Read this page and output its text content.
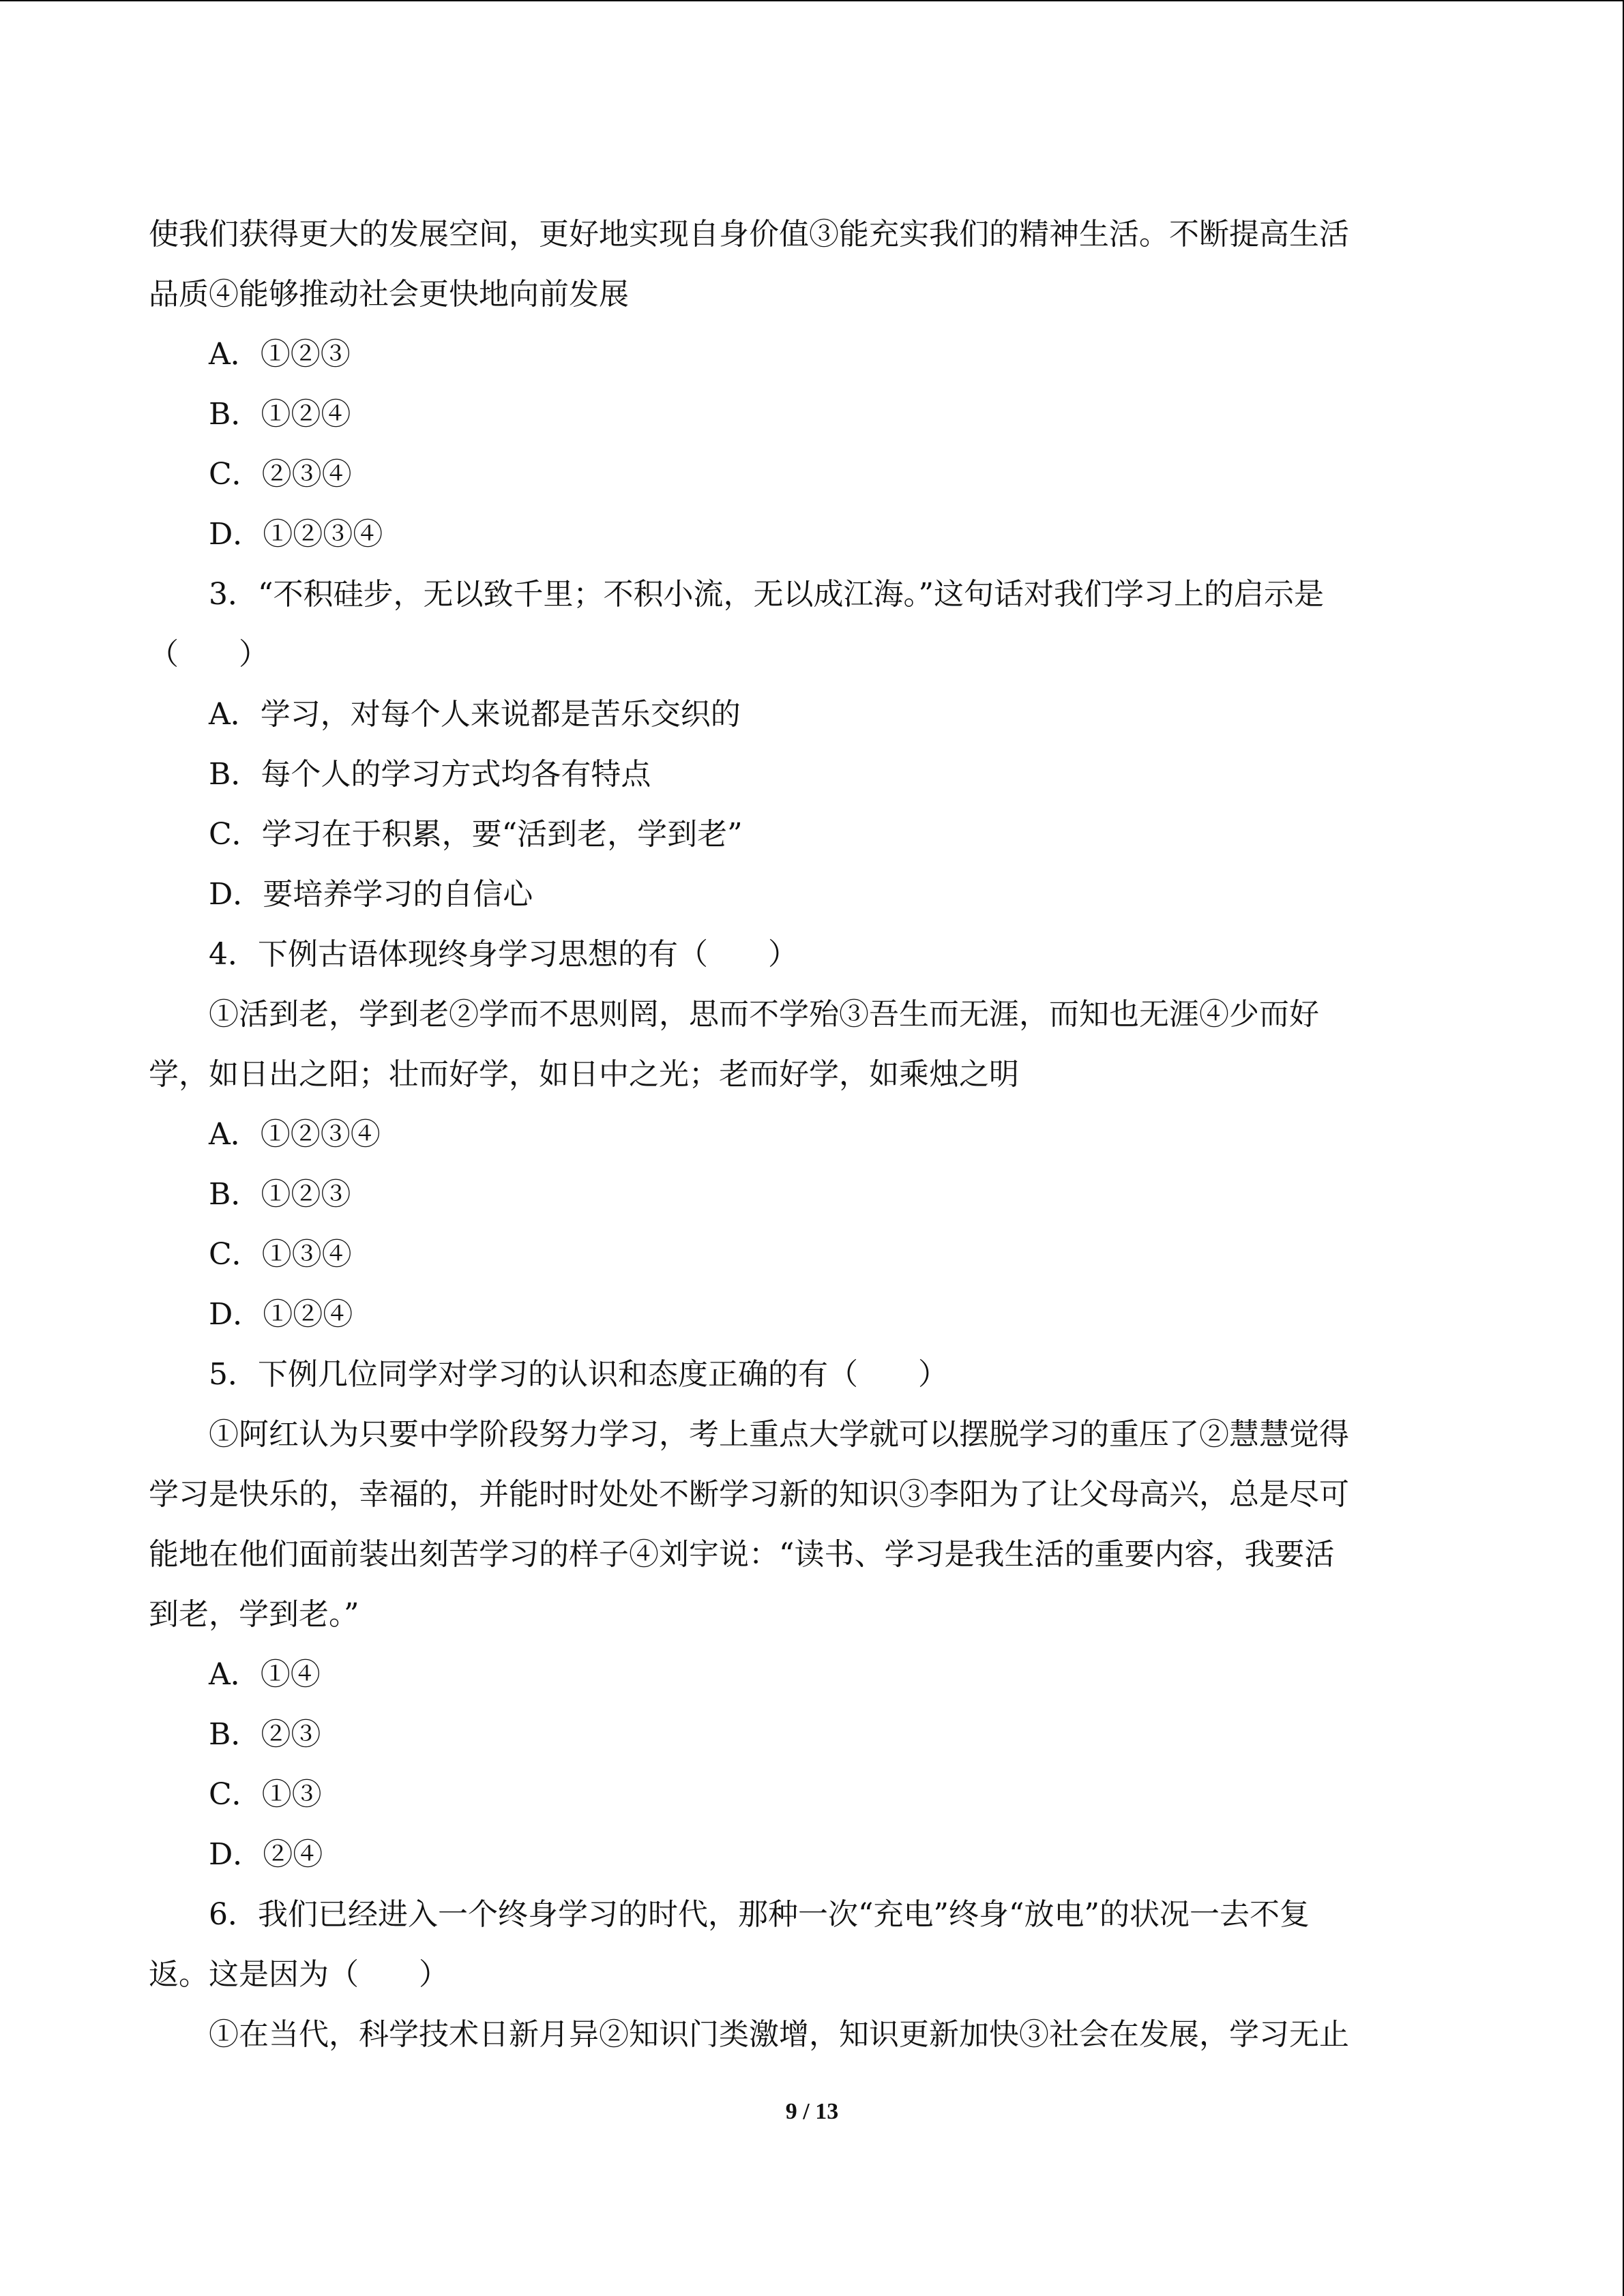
使我们获得更大的发展空间，更好地实现自身价值③能充实我们的精神生活。不断提高生活
品质④能够推动社会更快地向前发展
A．①②③
B．①②④
C．②③④
D．①②③④
3．“不积硅步，无以致千里；不积小流，无以成江海。”这句话对我们学习上的启示是
（　　）
A．学习，对每个人来说都是苦乐交织的
B．每个人的学习方式均各有特点
C．学习在于积累，要“活到老，学到老”
D．要培养学习的自信心
4．下例古语体现终身学习思想的有（　　）
①活到老，学到老②学而不思则罔，思而不学殆③吾生而无涯，而知也无涯④少而好
学，如日出之阳；壮而好学，如日中之光；老而好学，如乘烛之明
A．①②③④
B．①②③
C．①③④
D．①②④
5．下例几位同学对学习的认识和态度正确的有（　　）
①阿红认为只要中学阶段努力学习，考上重点大学就可以摆脱学习的重压了②慧慧觉得
学习是快乐的，幸福的，并能时时处处不断学习新的知识③李阳为了让父母高兴，总是尽可
能地在他们面前装出刻苦学习的样子④刘宇说：“读书、学习是我生活的重要内容，我要活
到老，学到老。”
A．①④
B．②③
C．①③
D．②④
6．我们已经进入一个终身学习的时代，那种一次“充电”终身“放电”的状况一去不复
返。这是因为（　　）
①在当代，科学技术日新月异②知识门类激增，知识更新加快③社会在发展，学习无止
9 / 13
